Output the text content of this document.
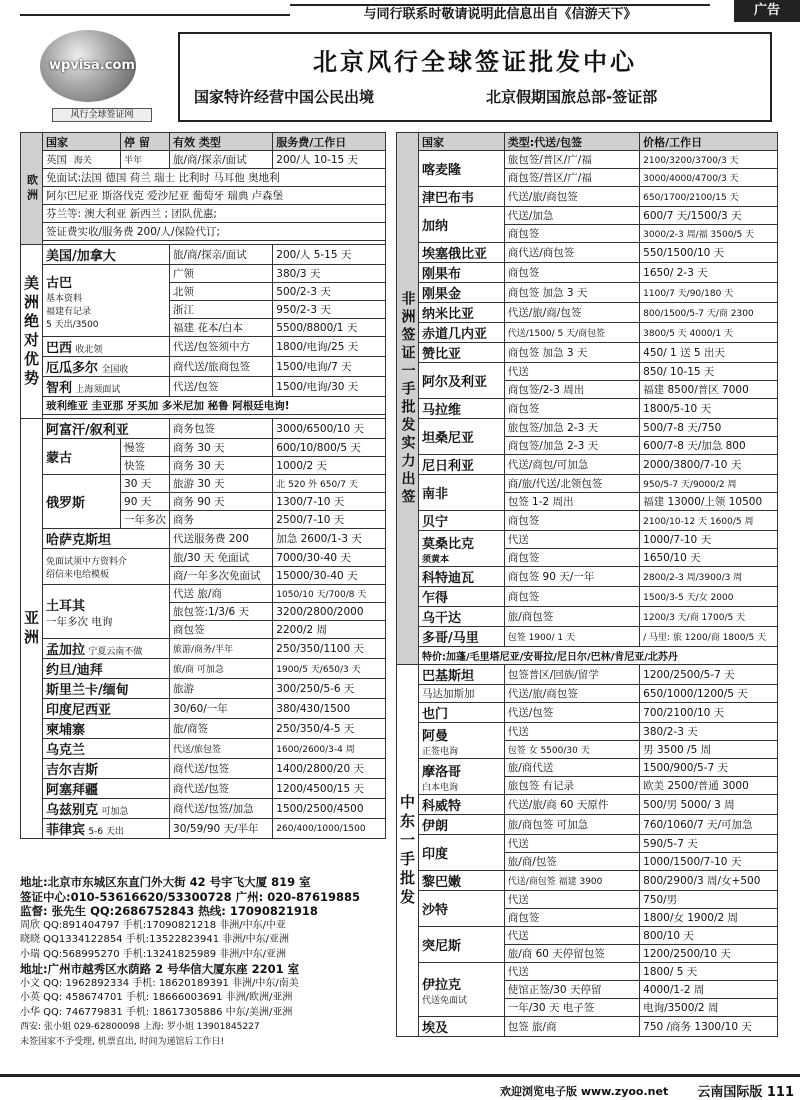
与同行联系时敬请说明此信息出自《信游天下》	广告
wpvisa.com
风行全球签证网
北京风行全球签证批发中心
国家特许经营中国公民出境	北京假期国旅总部-签证部
欧洲	国家	停 留	有效 类型	服务费/工作日
	英国 海关	半年	旅/商/探亲/面试	200/人 10-15 天
	免面试:法国 德国 荷兰 瑞士 比利时 马耳他 奥地利			
	阿尔巴尼亚 斯洛伐克 爱沙尼亚 葡萄牙 瑞典 卢森堡			
	芬兰等: 澳大利亚 新西兰 ; 团队优惠;			
	签证费实收/服务费 200/人/保险代订;			

美洲绝对优势	美国/加拿大		旅/商/探亲/面试	200/人 5-15 天

	古巴
基本资料
福建有记录
5 天出/3500		广领	380/3 天
			北领	500/2-3 天
			浙江	950/2-3 天
			福建 花本/白本	5500/8800/1 天
	巴西 收北领		代送/包签须中方	1800/电询/25 天
	厄瓜多尔 全国收		商代送/旅商包签	1500/电询/7 天
	智利 上海须面试		代送/包签	1500/电询/30 天
	玻利维亚 圭亚那 牙买加 多米尼加 秘鲁 阿根廷电询!			

亚洲	阿富汗/叙利亚		商务包签	3000/6500/10 天
	蒙古	慢签	商务 30 天	600/10/800/5 天
		快签	商务 30 天	1000/2 天
	俄罗斯	30 天	旅游 30 天	北 520 外 650/7 天
		90 天	商务 90 天	1300/7-10 天
		一年多次	商务	2500/7-10 天
	哈萨克斯坦		代送服务费 200	加急 2600/1-3 天

	免面试须中方资料介
绍信来电给模板		旅/30 天 免面试	7000/30-40 天
			商/一年多次免面试	15000/30-40 天

	土耳其
一年多次 电询		代送 旅/商	1050/10 天/700/8 天
			旅包签:1/3/6 天	3200/2800/2000
			商包签	2200/2 周
	孟加拉 宁夏云南不做		旅游/商务/半年	250/350/1100 天
	约旦/迪拜		旅/商 可加急	1900/5 天/650/3 天
	斯里兰卡/缅甸		旅游	300/250/5-6 天
	印度尼西亚		30/60/一年	380/430/1500
	柬埔寨		旅/商签	250/350/4-5 天
	乌克兰		代送/旅包签	1600/2600/3-4 周
	吉尔吉斯		商代送/包签	1400/2800/20 天
	阿塞拜疆		商代送/包签	1200/4500/15 天
	乌兹别克 可加急		商代送/包签/加急	1500/2500/4500
	菲律宾 5-6 天出		30/59/90 天/半年	260/400/1000/1500
非洲签证一手批发实力出签	国家	类型:代送/包签	价格/工作日
	喀麦隆	旅包签/普区/广/福	2100/3200/3700/3 天
		商包签/普区/广/福	3000/4000/4700/3 天
	津巴布韦	代送/旅/商包签	650/1700/2100/15 天
	加纳	代送/加急	600/7 天/1500/3 天
		商包签	3000/2-3 周/福 3500/5 天
	埃塞俄比亚	商代送/商包签	550/1500/10 天
	刚果布	商包签	1650/ 2-3 天
	刚果金	商包签 加急 3 天	1100/7 天/90/180 天
	纳米比亚	代送/旅/商/包签	800/1500/5-7 天/商 2300
	赤道几内亚	代送/1500/ 5 天/商包签	3800/5 天 4000/1 天
	赞比亚	商包签 加急 3 天	450/ 1 送 5 出天
	阿尔及利亚	代送	850/ 10-15 天
		商包签/2-3 周出	福建 8500/普区 7000
	马拉维	商包签	1800/5-10 天
	坦桑尼亚	旅包签/加急 2-3 天	500/7-8 天/750
		商包签/加急 2-3 天	600/7-8 天/加急 800
	尼日利亚	代送/商包/可加急	2000/3800/7-10 天
	南非	商/旅/代送/北领包签	950/5-7 天/9000/2 周
		包签 1-2 周出	福建 13000/上领 10500
	贝宁	商包签	2100/10-12 天 1600/5 周

	莫桑比克
须黄本	代送	1000/7-10 天
		商包签	1650/10 天
	科特迪瓦	商包签 90 天/一年	2800/2-3 周/3900/3 周
	乍得	商包签	1500/3-5 天/女 2000
	乌干达	旅/商包签	1200/3 天/商 1700/5 天
	多哥/马里	包签 1900/ 1 天	/ 马里: 旅 1200/商 1800/5 天
	特价:加蓬/毛里塔尼亚/安哥拉/尼日尔/巴林/肯尼亚/北苏丹		
中东一手批发	巴基斯坦	包签普区/回族/留学	1200/2500/5-7 天

	马达加斯加	代送/旅/商包签	650/1000/1200/5 天

	也门	代送/包签	700/2100/10 天

	阿曼
正签电询	代送	380/2-3 天
		包签 女 5500/30 天	男 3500 /5 周

	摩洛哥
白本电询	旅/商代送	1500/900/5-7 天
		旅包签 有记录	欧美 2500/普通 3000

	科威特	代送/旅/商 60 天原件	500/男 5000/ 3 周

	伊朗	旅/商包签 可加急	760/1060/7 天/可加急

	印度	代送	590/5-7 天
		旅/商/包签	1000/1500/7-10 天

	黎巴嫩	代送/商包签 福建 3900	800/2900/3 周/女+500

	沙特	代送	750/男
		商包签	1800/女 1900/2 周

	突尼斯	代送	800/10 天
		旅/商 60 天停留包签	1200/2500/10 天

	伊拉克
代送免面试	代送	1800/ 5 天
		使馆正签/30 天停留	4000/1-2 周
		一年/30 天 电子签	电询/3500/2 周

	埃及	包签 旅/商	750 /商务 1300/10 天
地址:北京市东城区东直门外大街 42 号宇飞大厦 819 室
签证中心:010-53616620/53300728 广州: 020-87619885
监督: 张先生 QQ:2686752843 热线: 17090821918
周欣 QQ:891404797 手机:17090821218 非洲/中东/中亚
晓晓 QQ1334122854 手机:13522823941 非洲/中东/亚洲
小瑞 QQ:568995270 手机:13241825989 非洲/中东/亚洲
地址:广州市越秀区水荫路 2 号华信大厦东座 2201 室
小文 QQ: 1962892334 手机: 18620189391 非洲/中东/南美
小英 QQ: 458674701 手机: 18666003691 非洲/欧洲/亚洲
小华 QQ: 746779831 手机: 18617305886 中东/美洲/亚洲
西安: 张小姐 029-62800098 上海: 罗小姐 13901845227
未签国家不予受理, 机票直出, 时间为递馆后工作日!
欢迎浏览电子版 www.zyoo.net 云南国际版 111
